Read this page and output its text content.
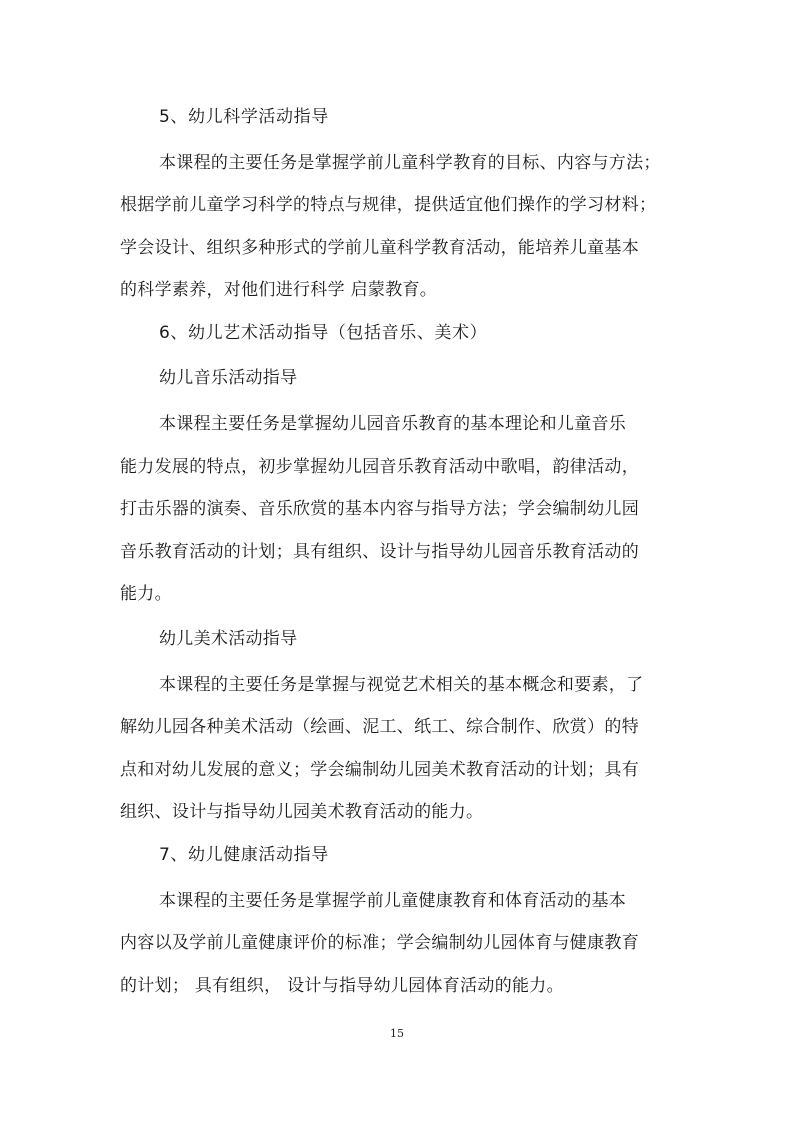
5、幼儿科学活动指导
本课程的主要任务是掌握学前儿童科学教育的目标、内容与方法；
根据学前儿童学习科学的特点与规律，提供适宜他们操作的学习材料；
学会设计、组织多种形式的学前儿童科学教育活动，能培养儿童基本
的科学素养，对他们进行科学 启蒙教育。
6、幼儿艺术活动指导（包括音乐、美术）
幼儿音乐活动指导
本课程主要任务是掌握幼儿园音乐教育的基本理论和儿童音乐
能力发展的特点，初步掌握幼儿园音乐教育活动中歌唱，韵律活动，
打击乐器的演奏、音乐欣赏的基本内容与指导方法；学会编制幼儿园
音乐教育活动的计划；具有组织、设计与指导幼儿园音乐教育活动的
能力。
幼儿美术活动指导
本课程的主要任务是掌握与视觉艺术相关的基本概念和要素，了
解幼儿园各种美术活动（绘画、泥工、纸工、综合制作、欣赏）的特
点和对幼儿发展的意义；学会编制幼儿园美术教育活动的计划；具有
组织、设计与指导幼儿园美术教育活动的能力。
7、幼儿健康活动指导
本课程的主要任务是掌握学前儿童健康教育和体育活动的基本
内容以及学前儿童健康评价的标准；学会编制幼儿园体育与健康教育
的计划； 具有组织， 设计与指导幼儿园体育活动的能力。
15
